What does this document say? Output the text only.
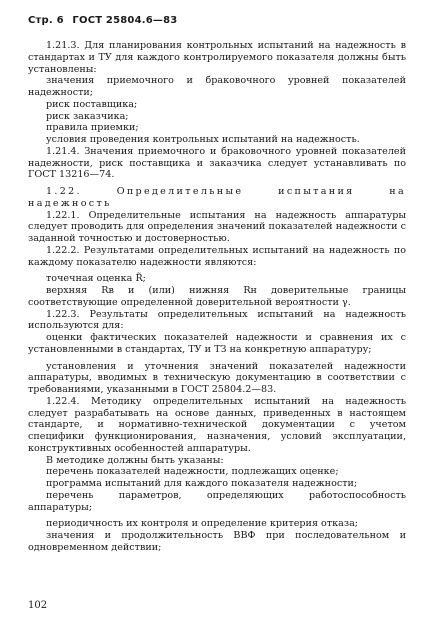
Стр. 6 ГОСТ 25804.6—83

1.21.3. Для планирования контрольных испытаний на надежность в стандартах и ТУ для каждого контролируемого показателя должны быть установлены:

значения приемочного и браковочного уровней показателей надежности;

риск поставщика;

риск заказчика;

правила приемки;

условия проведения контрольных испытаний на надежность.

1.21.4. Значения приемочного и браковочного уровней показателей надежности, риск поставщика и заказчика следует устанавливать по ГОСТ 13216—74.

1.22. Определительные испытания на надежность

1.22.1. Определительные испытания на надежность аппаратуры следует проводить для определения значений показателей надежности с заданной точностью и достоверностью.

1.22.2. Результатами определительных испытаний на надежность по каждому показателю надежности являются:

точечная оценка R̃;

верхняя Rв и (или) нижняя Rн доверительные границы соответствующие определенной доверительной вероятности γ.

1.22.3. Результаты определительных испытаний на надежность используются для:

оценки фактических показателей надежности и сравнения их с установленными в стандартах, ТУ и ТЗ на конкретную аппаратуру;

установления и уточнения значений показателей надежности аппаратуры, вводимых в техническую документацию в соответствии с требованиями, указанными в ГОСТ 25804.2—83.

1.22.4. Методику определительных испытаний на надежность следует разрабатывать на основе данных, приведенных в настоящем стандарте, и нормативно-технической документации с учетом специфики функционирования, назначения, условий эксплуатации, конструктивных особенностей аппаратуры.

В методике должны быть указаны:

перечень показателей надежности, подлежащих оценке;

программа испытаний для каждого показателя надежности;

перечень параметров, определяющих работоспособность аппаратуры;

периодичность их контроля и определение критерия отказа;

значения и продолжительность ВВФ при последовательном и одновременном действии;

102
